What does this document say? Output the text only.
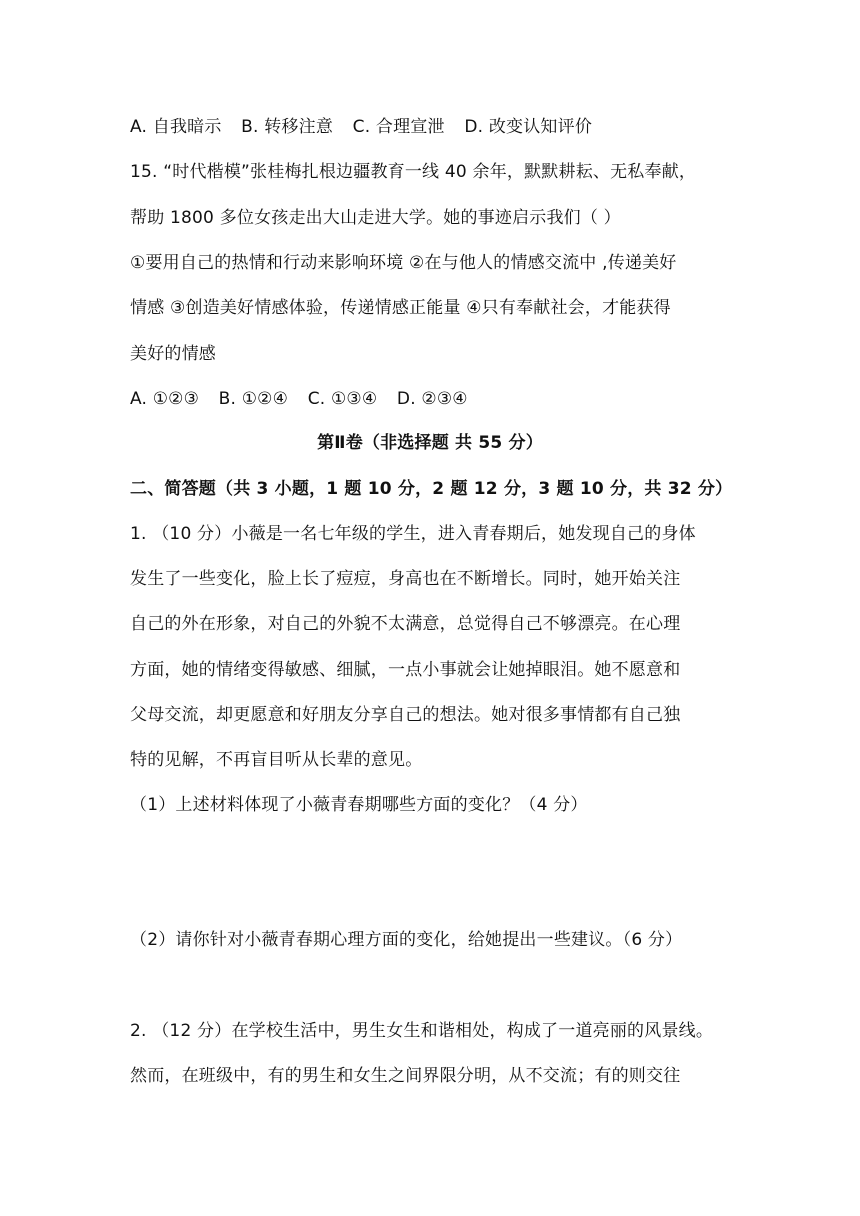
A. 自我暗示 B. 转移注意 C. 合理宣泄 D. 改变认知评价
15. “时代楷模”张桂梅扎根边疆教育一线 40 余年，默默耕耘、无私奉献，
帮助 1800 多位女孩走出大山走进大学。她的事迹启示我们（ ）
①要用自己的热情和行动来影响环境 ②在与他人的情感交流中 ,传递美好
情感 ③创造美好情感体验，传递情感正能量 ④只有奉献社会，才能获得
美好的情感
A. ①②③ B. ①②④ C. ①③④ D. ②③④
第Ⅱ卷（非选择题 共 55 分）
二、简答题（共 3 小题，1 题 10 分，2 题 12 分，3 题 10 分，共 32 分）
1. （10 分）小薇是一名七年级的学生，进入青春期后，她发现自己的身体
发生了一些变化，脸上长了痘痘，身高也在不断增长。同时，她开始关注
自己的外在形象，对自己的外貌不太满意，总觉得自己不够漂亮。在心理
方面，她的情绪变得敏感、细腻，一点小事就会让她掉眼泪。她不愿意和
父母交流，却更愿意和好朋友分享自己的想法。她对很多事情都有自己独
特的见解，不再盲目听从长辈的意见。
（1）上述材料体现了小薇青春期哪些方面的变化？（4 分）
（2）请你针对小薇青春期心理方面的变化，给她提出一些建议。（6 分）
2. （12 分）在学校生活中，男生女生和谐相处，构成了一道亮丽的风景线。
然而，在班级中，有的男生和女生之间界限分明，从不交流；有的则交往
